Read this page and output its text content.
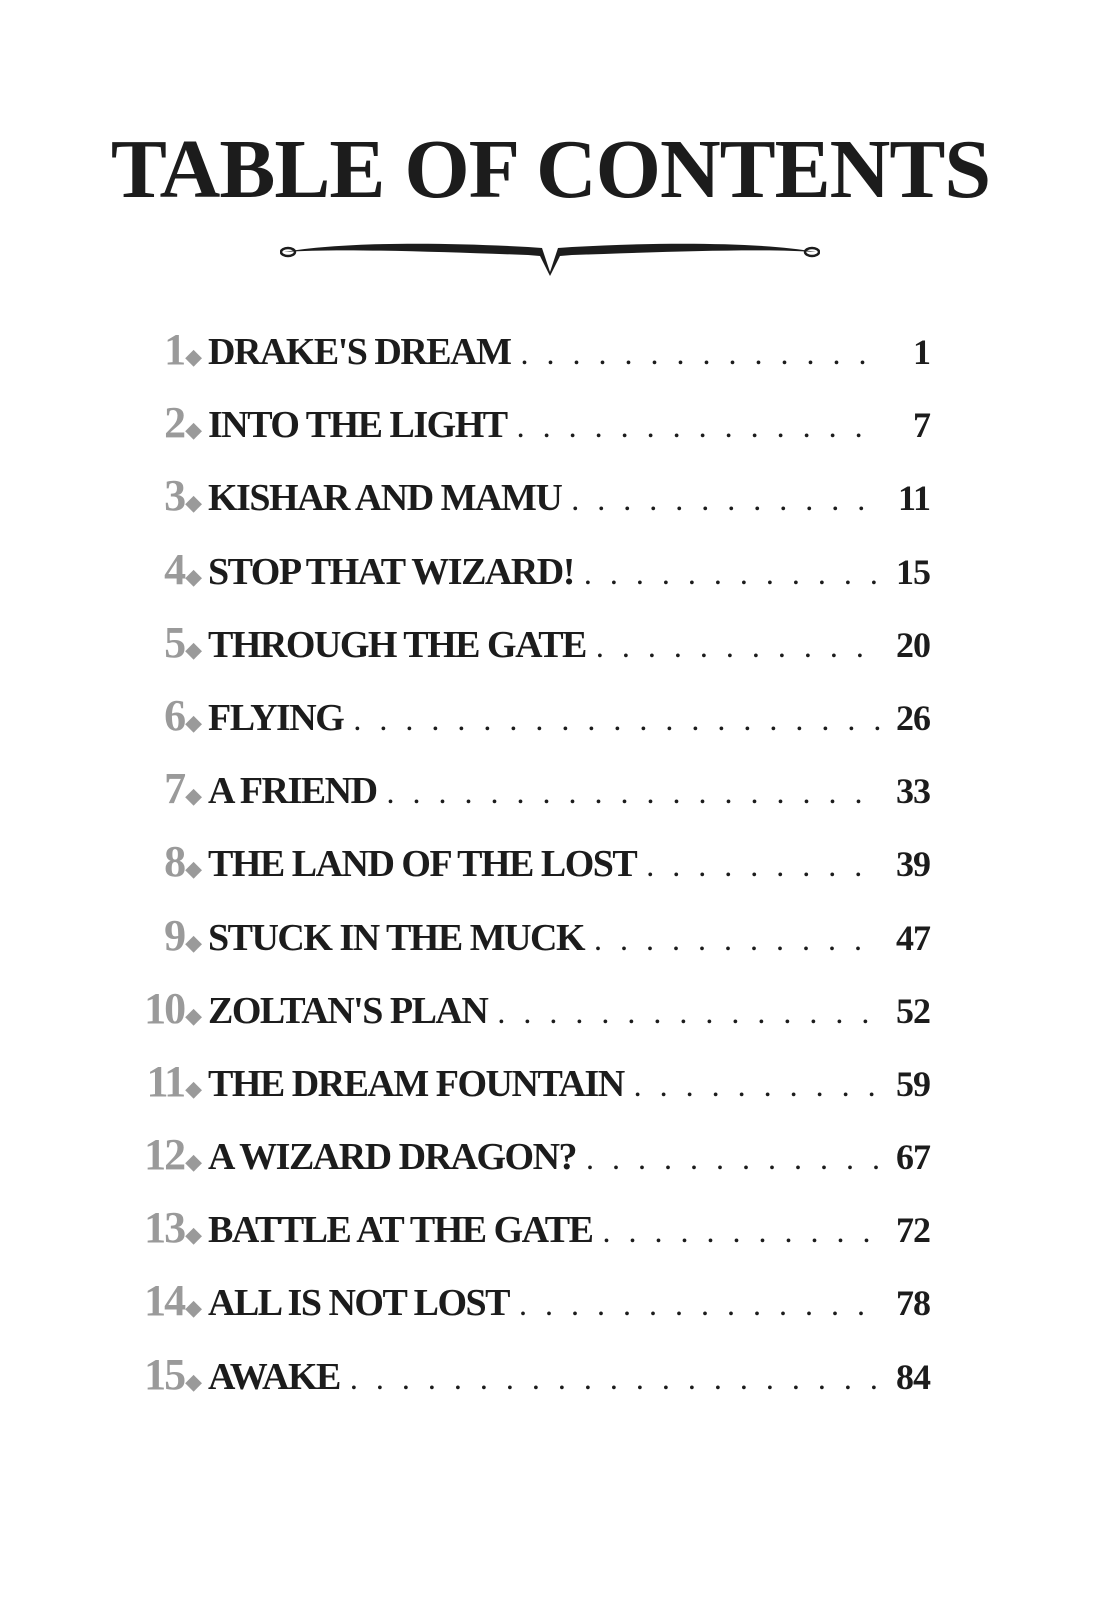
TABLE OF CONTENTS
1◆ DRAKE'S DREAM . . .	1
2◆ INTO THE LIGHT . . .	7
3◆ KISHAR AND MAMU . . .	11
4◆ STOP THAT WIZARD! . . .	15
5◆ THROUGH THE GATE . . .	20
6◆ FLYING . . .	26
7◆ A FRIEND . . .	33
8◆ THE LAND OF THE LOST . . .	39
9◆ STUCK IN THE MUCK . . .	47
10◆ ZOLTAN'S PLAN . . .	52
11◆ THE DREAM FOUNTAIN . . .	59
12◆ A WIZARD DRAGON? . . .	67
13◆ BATTLE AT THE GATE . . .	72
14◆ ALL IS NOT LOST . . .	78
15◆ AWAKE . . .	84
